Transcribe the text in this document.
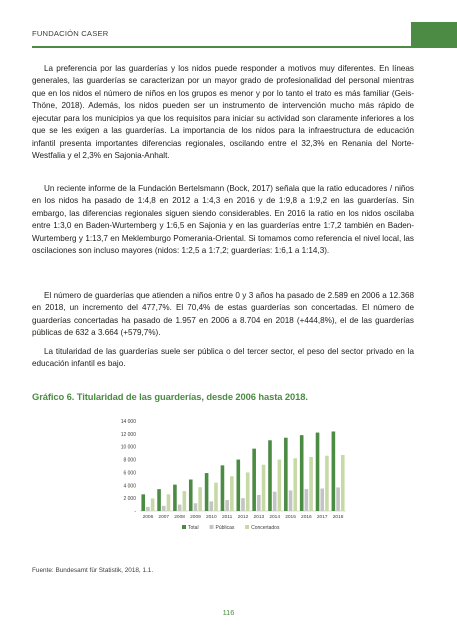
FUNDACIÓN CASER

La preferencia por las guarderías y los nidos puede responder a motivos muy diferentes. En líneas generales, las guarderías se caracterizan por un mayor grado de profesionalidad del personal mientras que en los nidos el número de niños en los grupos es menor y por lo tanto el trato es más familiar (Geis-Thöne, 2018). Además, los nidos pueden ser un instrumento de intervención mucho más rápido de ejecutar para los municipios ya que los requisitos para iniciar su actividad son claramente inferiores a los que se les exigen a las guarderías. La importancia de los nidos para la infraestructura de educación infantil presenta importantes diferencias regionales, oscilando entre el 32,3% en Renania del Norte-Westfalia y el 2,3% en Sajonia-Anhalt.

Un reciente informe de la Fundación Bertelsmann (Bock, 2017) señala que la ratio educadores / niños en los nidos ha pasado de 1:4,8 en 2012 a 1:4,3 en 2016 y de 1:9,8 a 1:9,2 en las guarderías. Sin embargo, las diferencias regionales siguen siendo considerables. En 2016 la ratio en los nidos oscilaba entre 1:3,0 en Baden-Wurtemberg y 1:6,5 en Sajonia y en las guarderías entre 1:7,2 también en Baden-Wurtemberg y 1:13,7 en Meklemburgo Pomerania-Oriental. Si tomamos como referencia el nivel local, las oscilaciones son incluso mayores (nidos: 1:2,5 a 1:7,2; guarderías: 1:6,1 a 1:14,3).

El número de guarderías que atienden a niños entre 0 y 3 años ha pasado de 2.589 en 2006 a 12.368 en 2018, un incremento del 477,7%. El 70,4% de estas guarderías son concertadas. El número de guarderías concertadas ha pasado de 1.957 en 2006 a 8.704 en 2018 (+444,8%), el de las guarderías públicas de 632 a 3.664 (+579,7%).

La titularidad de las guarderías suele ser pública o del tercer sector, el peso del sector privado en la educación infantil es bajo.

Gráfico 6. Titularidad de las guarderías, desde 2006 hasta 2018.
14 000
12 000
10 000
8 000
6 000
4 000
2 000
-
2006 2007 2008 2009 2010 2011 2012 2013 2014 2015 2016 2017 2018
Total	Públicas	Concertados
Fuente: Bundesamt für Statistik, 2018, 1.1.
116
